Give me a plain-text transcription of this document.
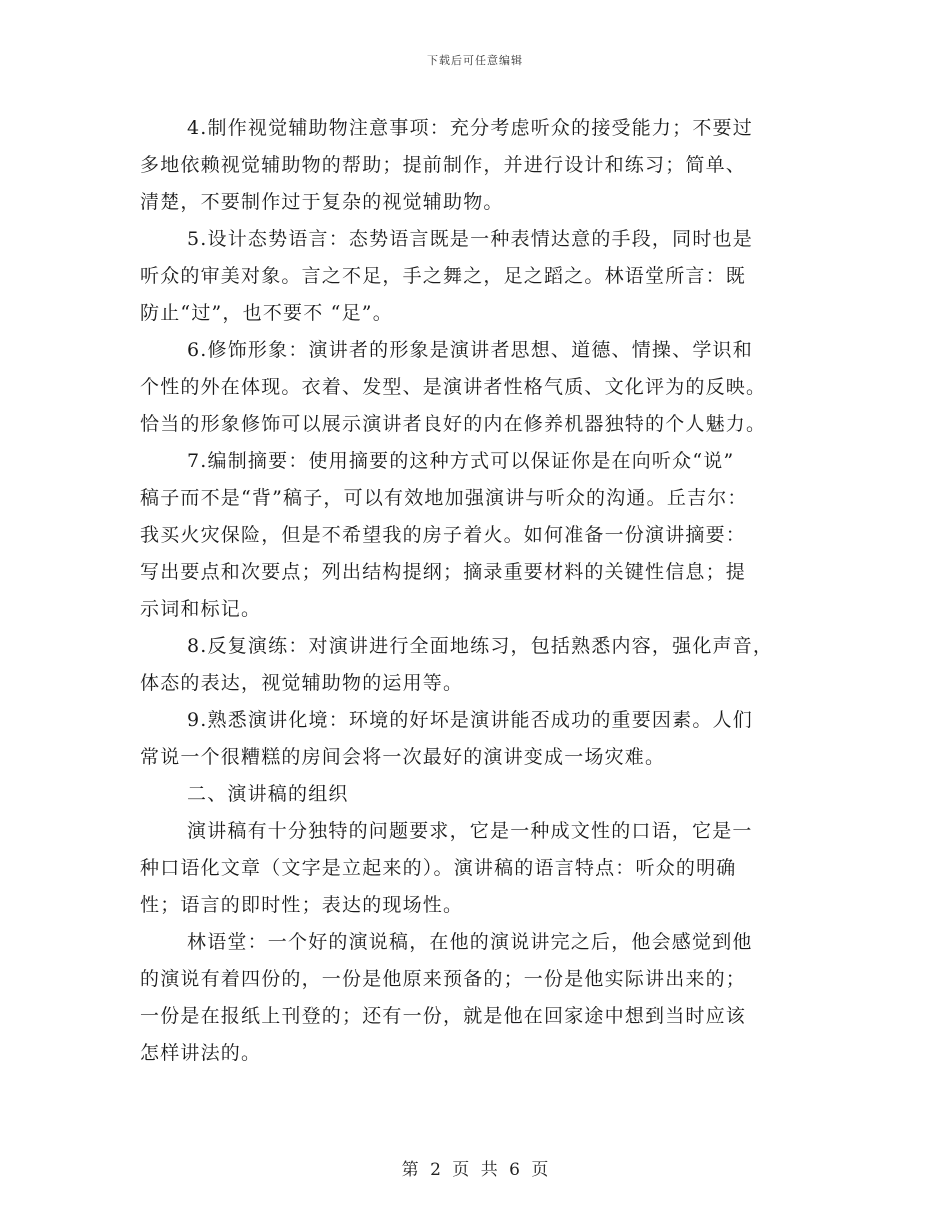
下载后可任意编辑

4.制作视觉辅助物注意事项：充分考虑听众的接受能力；不要过
多地依赖视觉辅助物的帮助；提前制作，并进行设计和练习；简单、
清楚，不要制作过于复杂的视觉辅助物。

5.设计态势语言：态势语言既是一种表情达意的手段，同时也是
听众的审美对象。言之不足，手之舞之，足之蹈之。林语堂所言：既
防止“过”，也不要不 “足”。

6.修饰形象：演讲者的形象是演讲者思想、道德、情操、学识和
个性的外在体现。衣着、发型、是演讲者性格气质、文化评为的反映。
恰当的形象修饰可以展示演讲者良好的内在修养机器独特的个人魅力。

7.编制摘要：使用摘要的这种方式可以保证你是在向听众“说”
稿子而不是“背”稿子，可以有效地加强演讲与听众的沟通。丘吉尔：
我买火灾保险，但是不希望我的房子着火。如何准备一份演讲摘要：
写出要点和次要点；列出结构提纲；摘录重要材料的关键性信息；提
示词和标记。

8.反复演练：对演讲进行全面地练习，包括熟悉内容，强化声音，
体态的表达，视觉辅助物的运用等。

9.熟悉演讲化境：环境的好坏是演讲能否成功的重要因素。人们
常说一个很糟糕的房间会将一次最好的演讲变成一场灾难。

二、演讲稿的组织

演讲稿有十分独特的问题要求，它是一种成文性的口语，它是一
种口语化文章（文字是立起来的）。演讲稿的语言特点：听众的明确
性；语言的即时性；表达的现场性。

林语堂：一个好的演说稿，在他的演说讲完之后，他会感觉到他
的演说有着四份的，一份是他原来预备的；一份是他实际讲出来的；
一份是在报纸上刊登的；还有一份，就是他在回家途中想到当时应该
怎样讲法的。

第 2 页 共 6 页
